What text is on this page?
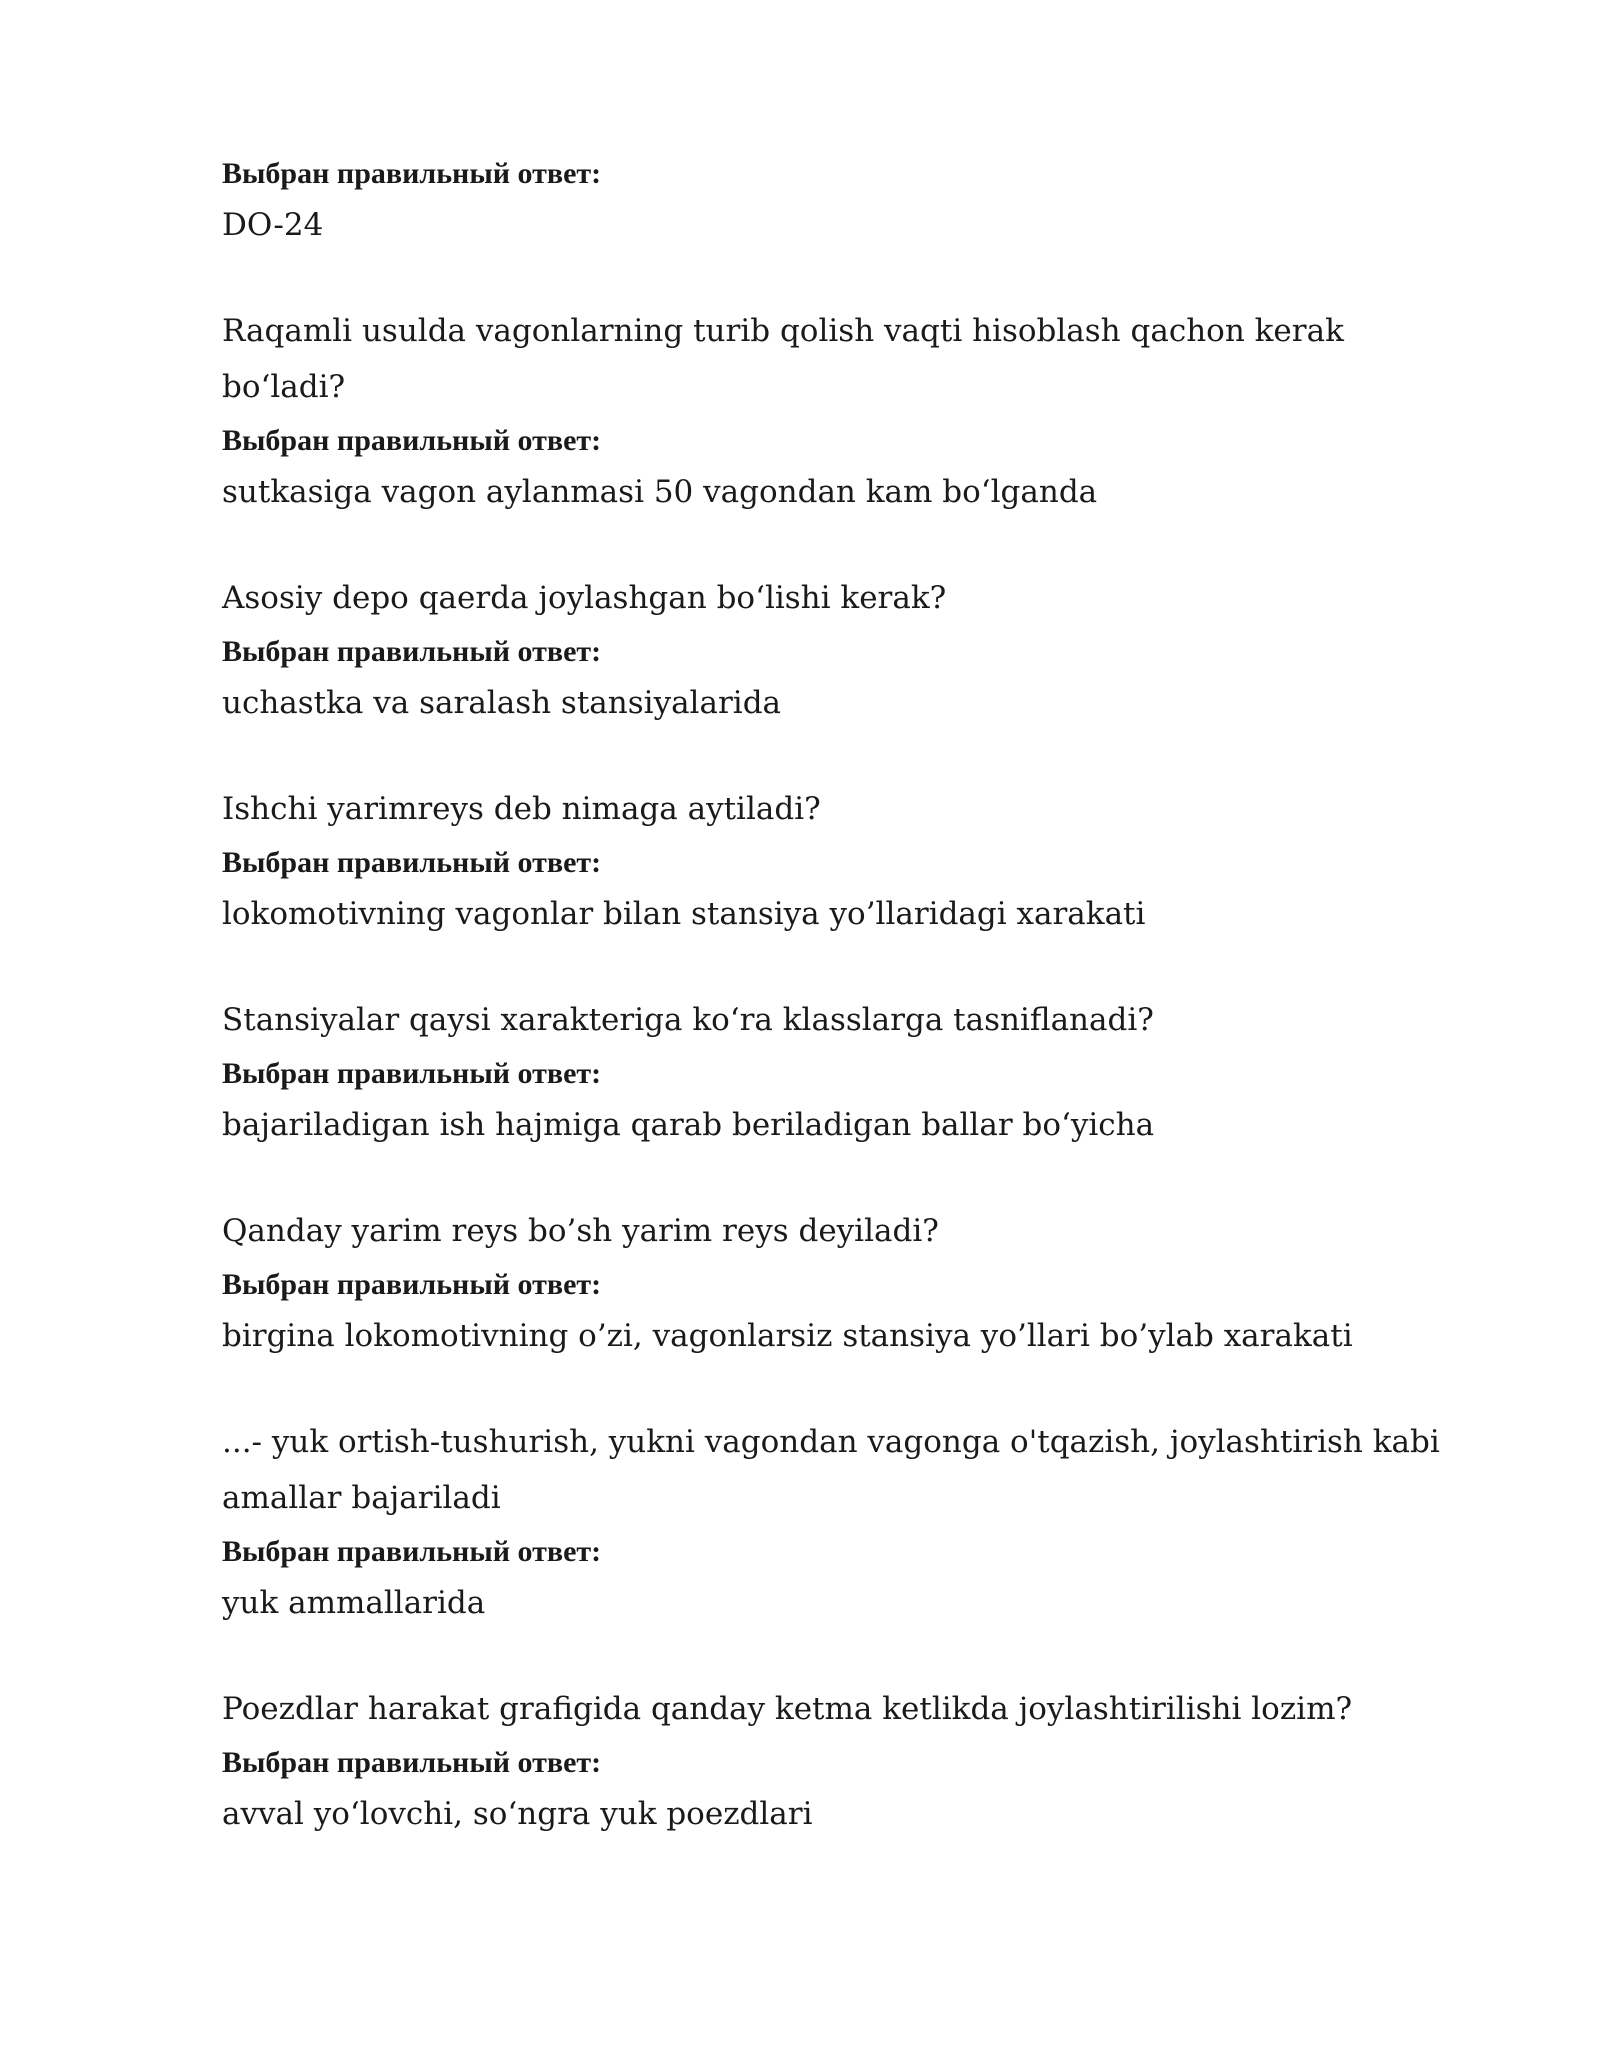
Выбран правильный ответ:

DO-24

Raqamli usulda vagonlarning turib qolish vaqti hisoblash qachon kerak boʻladi?

Выбран правильный ответ:

sutkasiga vagon aylanmasi 50 vagondan kam boʻlganda

Asosiy depo qaerda joylashgan boʻlishi kerak?

Выбран правильный ответ:

uchastka va saralash stansiyalarida

Ishchi yarimreys deb nimaga aytiladi?

Выбран правильный ответ:

lokomotivning vagonlar bilan stansiya yo’llaridagi xarakati

Stansiyalar qaysi xarakteriga koʻra klasslarga tasniflanadi?

Выбран правильный ответ:

bajariladigan ish hajmiga qarab beriladigan ballar boʻyicha

Qanday yarim reys bo’sh yarim reys deyiladi?

Выбран правильный ответ:

birgina lokomotivning o’zi, vagonlarsiz stansiya yo’llari bo’ylab xarakati

...- yuk ortish-tushurish, yukni vagondan vagonga o'tqazish, joylashtirish kabi amallar bajariladi

Выбран правильный ответ:

yuk ammallarida

Poezdlar harakat grafigida qanday ketma ketlikda joylashtirilishi lozim?

Выбран правильный ответ:

avval yoʻlovchi, soʻngra yuk poezdlari
